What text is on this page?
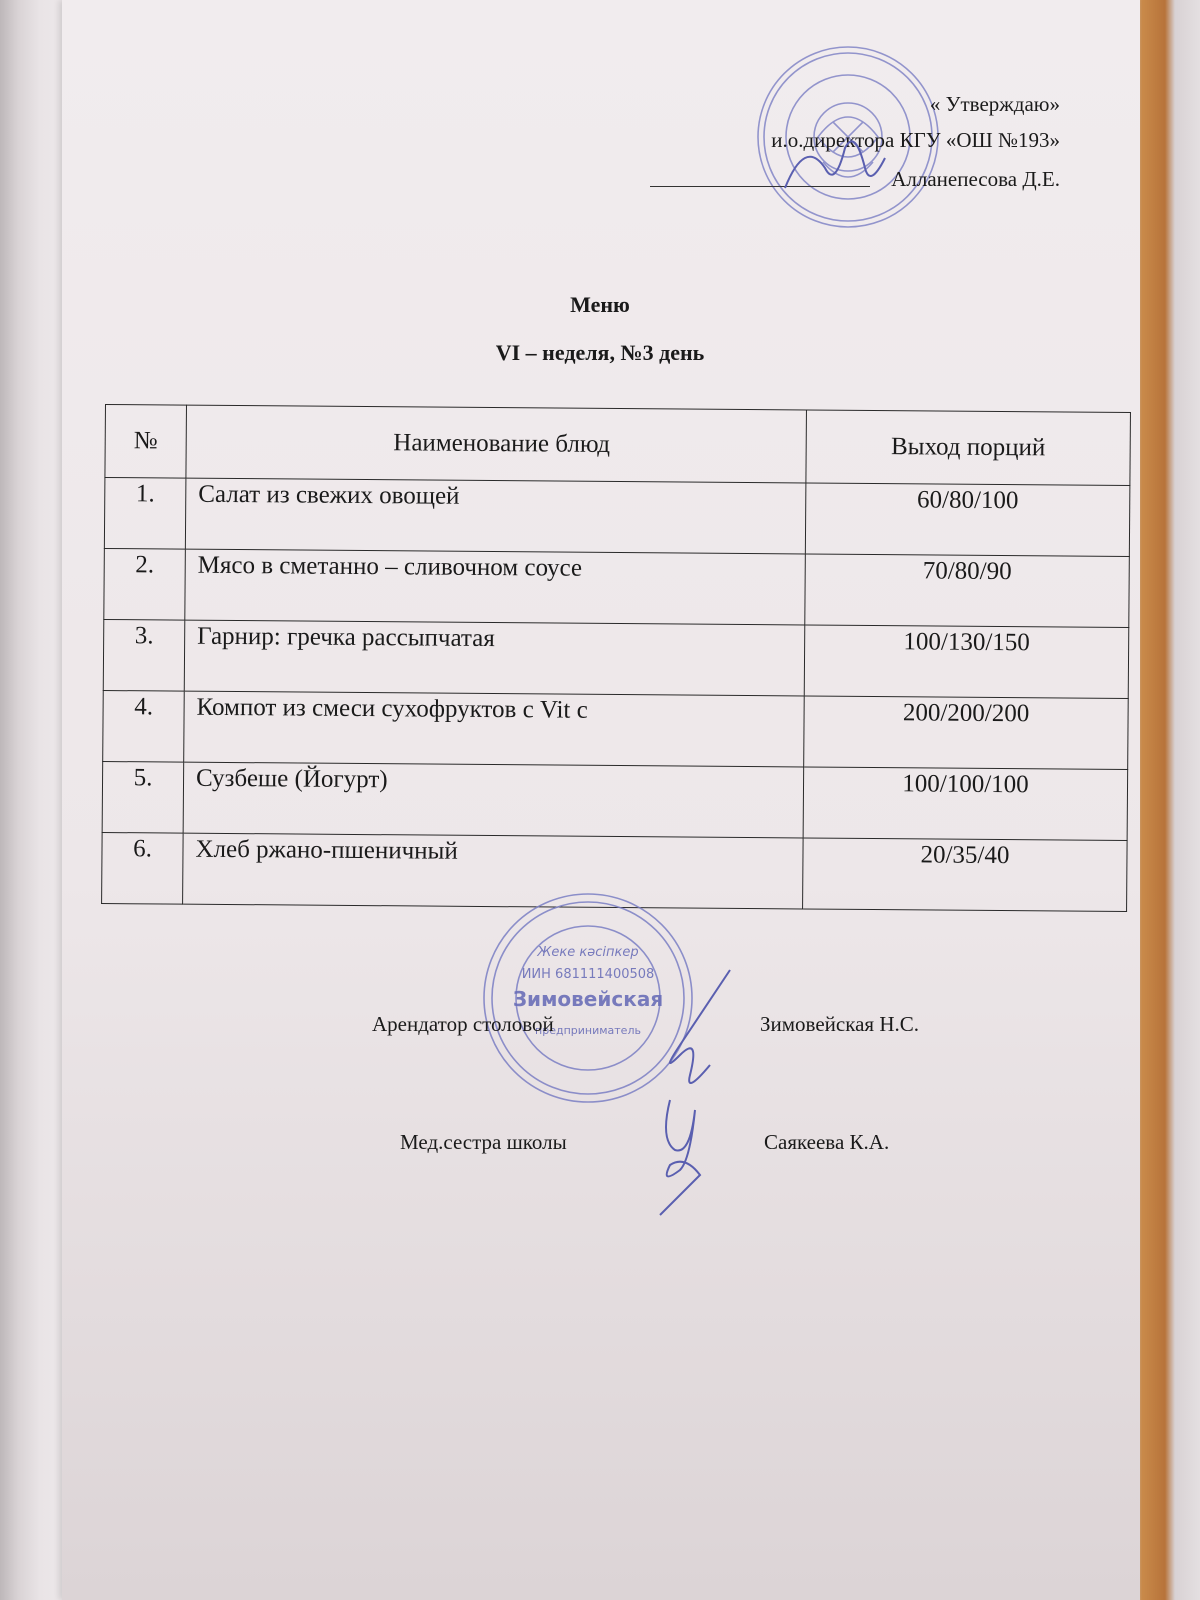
« Утверждаю»
и.о.директора КГУ «ОШ №193»
Алланепесова Д.Е.
Меню
VI – неделя, №3 день
№	Наименование блюд	Выход порций
1.	Салат из свежих овощей	60/80/100
2.	Мясо в сметанно – сливочном соусе	70/80/90
3.	Гарнир: гречка рассыпчатая	100/130/150
4.	Компот из смеси сухофруктов с Vit c	200/200/200
5.	Сузбеше (Йогурт)	100/100/100
6.	Хлеб ржано-пшеничный	20/35/40
Жеке кәсіпкер
ИИН 681111400508
Зимовейская
предприниматель
Арендатор столовой	Зимовейская Н.С.
Мед.сестра школы	Саякеева К.А.
